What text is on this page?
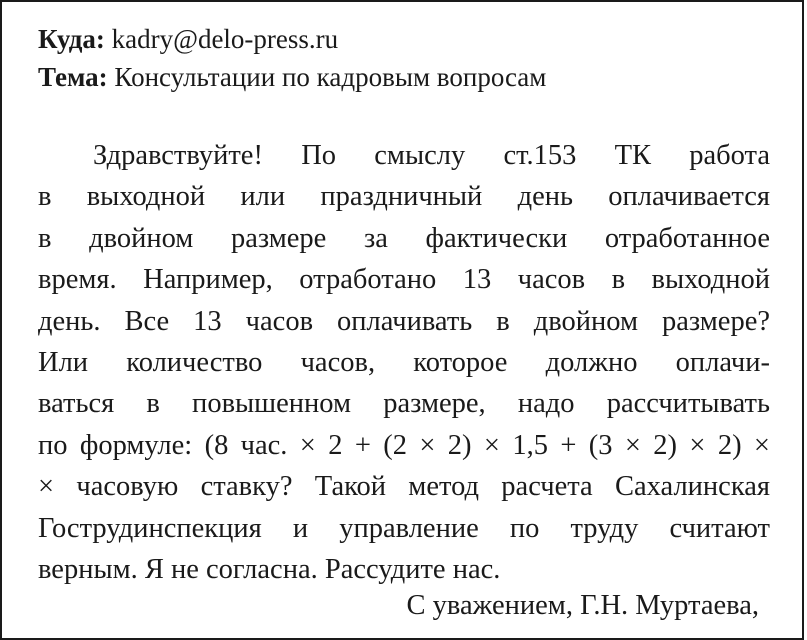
Куда: kadry@delo-press.ru
Тема: Консультации по кадровым вопросам
Здравствуйте! По смыслу ст.153 ТК работа
в выходной или праздничный день оплачивается
в двойном размере за фактически отработанное
время. Например, отработано 13 часов в выходной
день. Все 13 часов оплачивать в двойном размере?
Или количество часов, которое должно оплачи-
ваться в повышенном размере, надо рассчитывать
по формуле: (8 час. × 2 + (2 × 2) × 1,5 + (3 × 2) × 2) ×
× часовую ставку? Такой метод расчета Сахалинская
Гострудинспекция и управление по труду считают
верным. Я не согласна. Рассудите нас.
С уважением, Г.Н. Муртаева,
